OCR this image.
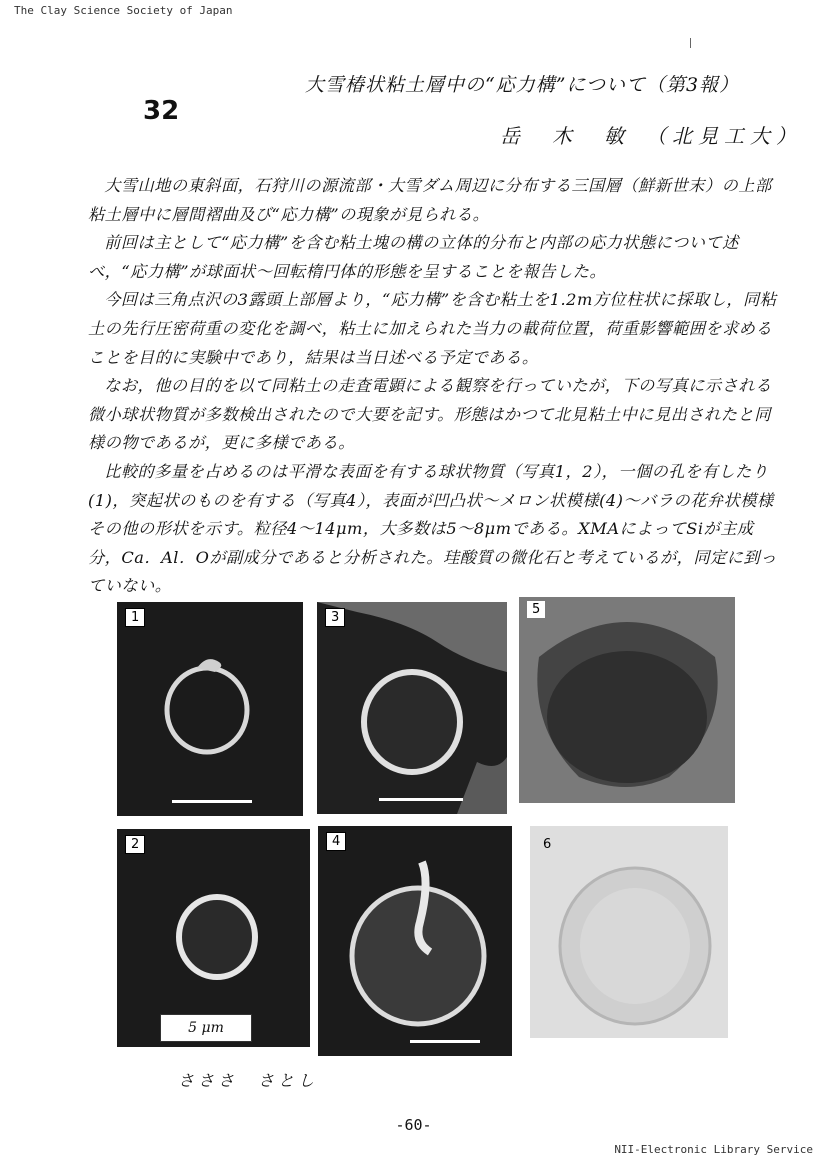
The Clay Science Society of Japan
32
大雪椿状粘土層中の“応力構”について（第3報）
岳　木　敏　（北見工大）

大雪山地の東斜面，石狩川の源流部・大雪ダム周辺に分布する三国層（鮮新世末）の上部粘土層中に層間褶曲及び“応力構”の現象が見られる。

前回は主として“応力構”を含む粘土塊の構の立体的分布と内部の応力状態について述べ，“応力構”が球面状〜回転楕円体的形態を呈することを報告した。

今回は三角点沢の3露頭上部層より，“応力構”を含む粘土を1.2m方位柱状に採取し，同粘土の先行圧密荷重の変化を調べ，粘土に加えられた当力の載荷位置，荷重影響範囲を求めることを目的に実験中であり，結果は当日述べる予定である。

なお，他の目的を以て同粘土の走査電顕による観察を行っていたが，下の写真に示される微小球状物質が多数検出されたので大要を記す。形態はかつて北見粘土中に見出されたと同様の物であるが，更に多様である。

比較的多量を占めるのは平滑な表面を有する球状物質（写真1，2），一個の孔を有したり(1)，突起状のものを有する（写真4），表面が凹凸状〜メロン状模様(4)〜バラの花弁状模様その他の形状を示す。粒径4〜14μm，大多数は5〜8μmである。XMAによってSiが主成分，Ca．Al．Oが副成分であると分析された。珪酸質の微化石と考えているが，同定に到っていない。

1	3
5
2
5 μm
4	6
さささ　さとし
-60-
NII-Electronic Library Service
